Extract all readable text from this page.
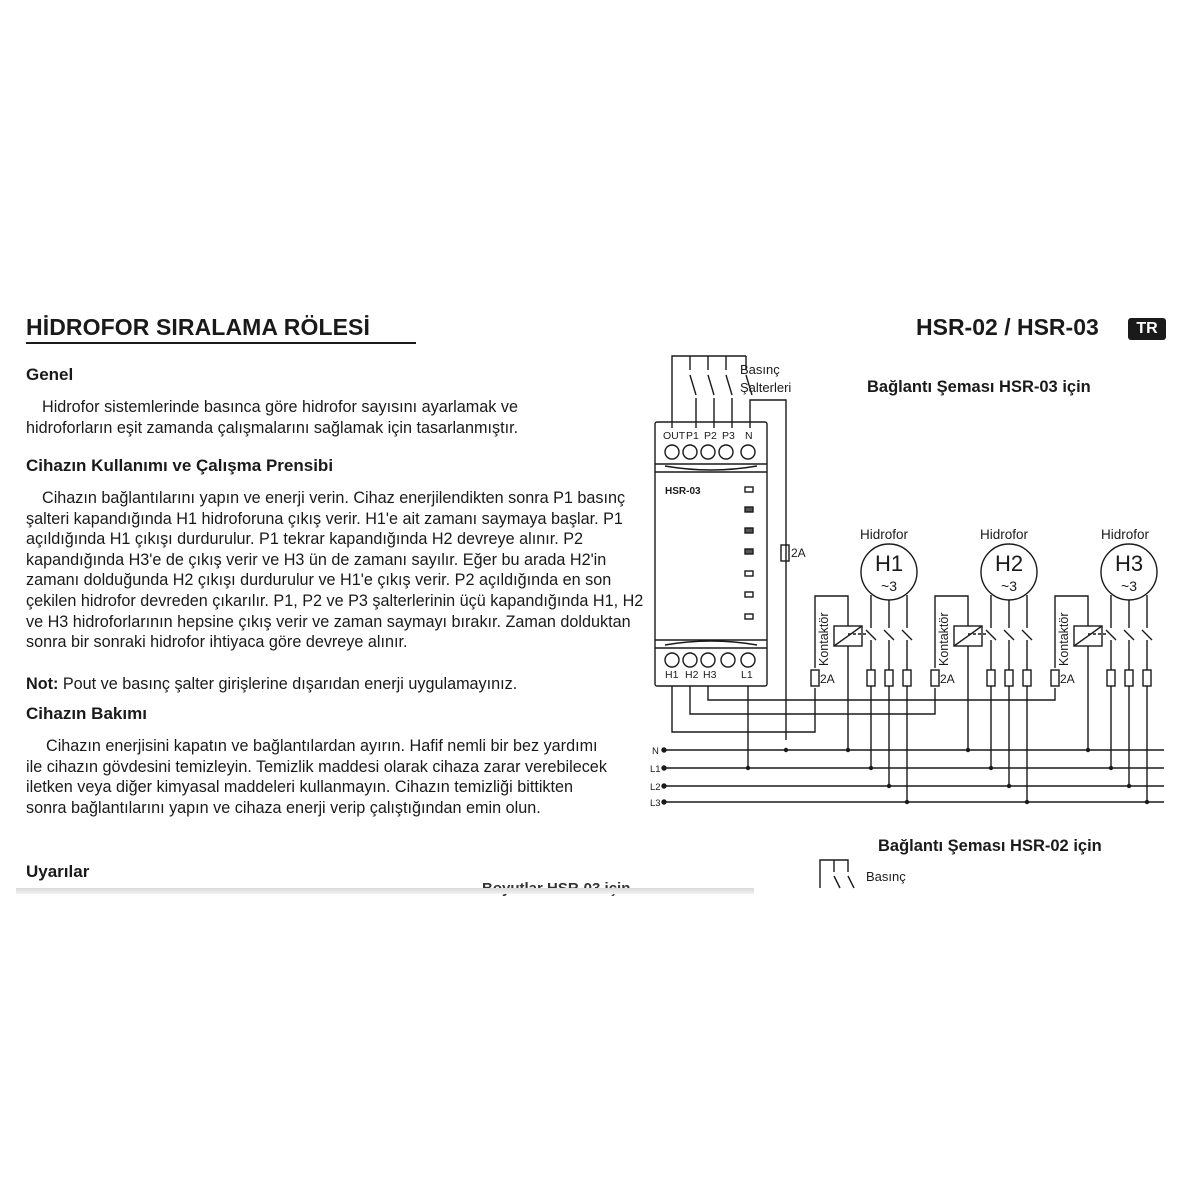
HİDROFOR SIRALAMA RÖLESİ	HSR-02 / HSR-03	TR
Genel
Hidrofor sistemlerinde basınca göre hidrofor sayısını ayarlamak ve hidroforların eşit zamanda çalışmalarını sağlamak için tasarlanmıştır.
Cihazın Kullanımı ve Çalışma Prensibi
Cihazın bağlantılarını yapın ve enerji verin. Cihaz enerjilendikten sonra P1 basınç şalteri kapandığında H1 hidroforuna çıkış verir. H1'e ait zamanı saymaya başlar. P1 açıldığında H1 çıkışı durdurulur. P1 tekrar kapandığında H2 devreye alınır. P2 kapandığında H3'e de çıkış verir ve H3 ün de zamanı sayılır. Eğer bu arada H2'in zamanı dolduğunda H2 çıkışı durdurulur ve H1'e çıkış verir. P2 açıldığında en son çekilen hidrofor devreden çıkarılır. P1, P2 ve P3 şalterlerinin üçü kapandığında H1, H2 ve H3 hidroforlarının hepsine çıkış verir ve zaman saymayı bırakır. Zaman dolduktan sonra bir sonraki hidrofor ihtiyaca göre devreye alınır.
Not: Pout ve basınç şalter girişlerine dışarıdan enerji uygulamayınız.
Cihazın Bakımı
Cihazın enerjisini kapatın ve bağlantılardan ayırın. Hafif nemli bir bez yardımı ile cihazın gövdesini temizleyin. Temizlik maddesi olarak cihaza zarar verebilecek iletken veya diğer kimyasal maddeleri kullanmayın. Cihazın temizliği bittikten sonra bağlantılarını yapın ve cihaza enerji verip çalıştığından emin olun.
Uyarılar
Bağlantı Şeması HSR-03 için
Bağlantı Şeması HSR-02 için
Basınç
Şalterleri
Basınç
OUT P1 P2 P3 N
HSR-03
H1 H2 H3 L1
2A
N
L1
L2
L3
Hidrofor
H1
~3
Kontaktör
2A
Hidrofor
H2
~3
Kontaktör
2A
Hidrofor
H3
~3
Kontaktör
2A
